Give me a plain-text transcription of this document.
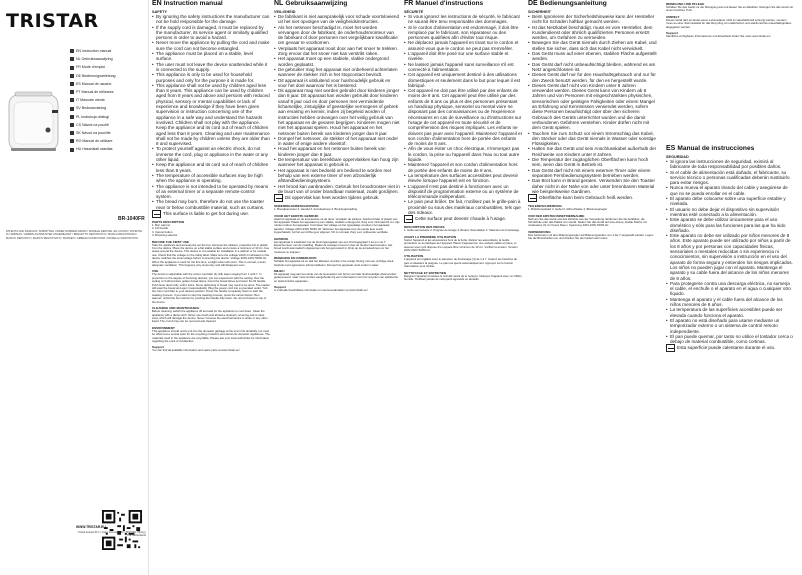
TRISTAR
EN Instruction manual
NL Gebruiksaanwijzing
FR Mode d'emploi
DE Bedienungsanleitung
ES Manual de usuario
PT Manual de utilizador
IT Manuale utente
SV Bruksanvisning
PL Instrukcja obsługi
CS Návod na použití
SK Návod na použitie
RO Manual de utilizare
HU Használati utasítás
BR-1040FR
PATENTS AND DESIGNS: SUBMITTED UNDER NUMBER 000000 / MODELE DEPOSE: EN COURS / PATENTE ZU SEBAMO / GEBRAUCHSMUSTER ANGEMELDET / BREVETTO DEPOSITATO / MARCA REGISTRADA / MARCO DEPOSITO / MARCO REGISTRATO / MARKEN / GEBRAUCHSMUSTER / MODELLO DEPOSITATO
WWW.TRISTAR.EU
Tristar Europe B.V. | Jules Verneweg 87 | 5015 BH Tilburg | The Netherlands
EN Instruction manual
SAFETY
• By ignoring the safety instructions the manufacturer can not be hold responsible for the damage.
• If the supply cord is damaged, it must be replaced by the manufacturer, its service agent or similarly qualified persons in order to avoid a hazard.
• Never move the appliance by pulling the cord and make sure the cord can not become entangled.
• The appliance must be placed on a stable, level surface.
• The user must not leave the device unattended while it is connected to the supply.
• This appliance is only to be used for household purposes and only for the purpose it is made for.
• This appliance shall not be used by children aged less than 8 years. This appliance can be used by children aged from 8 years and above and persons with reduced physical, sensory or mental capabilities or lack of experience and knowledge if they have been given supervision or instruction concerning use of the appliance in a safe way and understand the hazards involved. Children shall not play with the appliance. Keep the appliance and its cord out of reach of children aged less than 8 years. Cleaning and user maintenance shall not be made by children unless they are older than 8 and supervised.
• To protect yourself against an electric shock, do not immerse the cord, plug or appliance in the water or any other liquid.
• Keep the appliance and its cord out of reach of children less than 8 years.
• The temperature of accessible surfaces may be high when the appliance is operating.
• The appliance is not intended to be operated by means of an external timer or a separate remote-control system.
• The bread may burn, therefore do not use the toaster near or below combustible material, such as curtains.

This surface is liable to get hot during use.

PARTS DESCRIPTION

1. Bun warmer

2. Lift handle

3. Cancel button

4. Browning selector

BEFORE THE FIRST USE

Take the appliance and accessories out the box. Remove the stickers, protective foil or plastic from the device. Place the device on a flat stable surface and ensure a minimum of 10 cm. free space around the device. This device is not suitable for installation in a cabinet or for outside use. Check that the voltage on the rating label. Make sure the voltage which is indicated on the device matches the local voltage before connecting the device. Voltage 220V-240V 50/60 Hz. When the appliance is used for the first time, a slight odour will occur. This is normal, ensure adequate ventilation. This happens only temporary and will disappear soon.

USE

The device is adjustable with the colour controller (4) with steps ranging from 1 until 7. In proportion to the degree of browning desired, you can experiment with the setting: thus the setting of 4 will produce golden bread slices. Insert the bread slices and lower the lift handle. Push lever down fully, until it locks. Some defrosting of bread may need to be done. The toaster will toast the bread and eject it automatically. Plug the power cord into a grounded outlet. Turn the color controller to your desired position. Press the handle completely down to start the toasting process. If you want to stop the toasting process, press the cancel button. Bun warmer: unfold the bun warmer by pushing the handle fully down. Do not put bread on top of the device.

CLEANING AND MAINTENANCE

Before cleaning, switch the appliance off and wait for the appliance to cool down. Clean the appliance with a damp cloth. Never use harsh and abrasive cleaners, scouring pad or steel wool, which will damage the device. Never immerse the electrical device in water or any other liquid. The crumb tray can be removed and cleaned.

ENVIRONMENT

This appliance should not be put into the domestic garbage at the end of its durability, but must be offered at a central point for the recycling of electric and electronic domestic appliances. The materials used in the appliance are recyclable. Please ask your local authorities for information regarding the point of recollection.

Support

You can find all available information and spare parts at www.tristar.eu!

NL Gebruiksaanwijzing
VEILIGHEID
• De fabrikant is niet aansprakelijk voor schade voortvloeiend uit het niet opvolgen van de veiligheidsinstructies.
• Als het netsnoer beschadigd is, moet het worden vervangen door de fabrikant, de onderhoudsmonteur van de fabrikant of door personen met vergelijkbare kwalificatie om gevaar te voorkomen.
• Verplaats het apparaat nooit door aan het snoer te trekken. Zorg ervoor dat het snoer niet kan verstrikt raken.
• Het apparaat moet op een stabiele, vlakke ondergrond worden geplaatst.
• De gebruiker mag het apparaat niet onbeheerd achterlaten wanneer de stekker zich in het stopcontact bevindt.
• Dit apparaat is uitsluitend voor huishoudelijk gebruik en voor het doel waarvoor het is bestemd.
• Dit apparaat mag niet worden gebruikt door kinderen jonger dan 8 jaar. Dit apparaat kan worden gebruikt door kinderen vanaf 8 jaar oud en door personen met verminderde lichamelijke, zintuiglijke of geestelijke vermogens of gebrek aan ervaring en kennis, indien zij begeleid worden of instructies hebben ontvangen over het veilig gebruik van het apparaat en de gevaren begrijpen. Kinderen mogen niet met het apparaat spelen. Houd het apparaat en het netsnoer buiten bereik van kinderen jonger dan 8 jaar.
• Dompel het netsnoer, de stekker of het apparaat niet onder in water of enige andere vloeistof.
• Houd het apparaat en het netsnoer buiten bereik van kinderen jonger dan 8 jaar.
• De temperatuur van bereikbare oppervlakken kan hoog zijn wanneer het apparaat in gebruik is.
• Het apparaat is niet bedoeld om bediend te worden met behulp van een externe timer of een afzonderlijk afstandbedieningsysteem.
• Het brood kan aanbranden. Gebruik het broodrooster niet in de buurt van of onder brandbaar materiaal, zoals gordijnen.

Dit oppervlak kan heet worden tijdens gebruik.

ONDERDELENBESCHRIJVING

1. Broodjesrooster 2. Hendel 3. Annuleerknop 4. Bruiningsinstelling

VOOR HET EERSTE GEBRUIK

Haal het apparaat en de accessoires uit de doos. Verwijder de stickers, beschermfolie of plastic van het apparaat. Plaats het apparaat op een vlakke, stabiele ondergrond. Zorg voor minimaal 10 cm vrije ruimte rondom het apparaat. Controleer het voltage op het typeplaatje voordat u het apparaat aansluit. Voltage 220V-240V 50/60 Hz. Wanneer het apparaat voor de eerste keer wordt ingeschakeld, zal het een lichte geur afgeven. Dit is normaal. Zorg voor voldoende ventilatie.

GEBRUIK

Het apparaat is instelbaar met de bruiningsregelaar van een bruiningsgraad 1 tot en met 7. Experimenteer met de instelling. Plaats de sneetjes brood en duw de hendel naar beneden. Het brood wordt automatisch uitgeworpen als het geroosterd is. Druk op de annuleerknop om het roosteren te stoppen.

REINIGING EN ONDERHOUD

Schakel het apparaat uit en laat het afkoelen voordat u het reinigt. Reinig met een vochtige doek. Gebruik nooit agressieve schuurmiddelen. Dompel het apparaat nooit onder in water.

MILIEU

Dit apparaat mag aan het einde van de levensduur niet bij het normale huishoudelijke afval worden gedeponeerd, maar moet worden aangeboden bij een inzamelpunt voor het recyclen van elektrische en elektronische apparaten.

Support

U vindt alle beschikbare informatie en reserveonderdelen op www.tristar.eu!

FR Manuel d'instructions
SÉCURITÉ
• Si vous ignorez les instructions de sécurité, le fabricant ne saurait être tenu responsable des dommages.
• Si le cordon d'alimentation est endommagé, il doit être remplacé par le fabricant, son réparateur ou des personnes qualifiées afin d'éviter tout risque.
• Ne déplacez jamais l'appareil en tirant sur le cordon et assurez-vous que le cordon ne peut pas s'emmêler.
• L'appareil doit être posé sur une surface stable et nivelée.
• Ne laissez jamais l'appareil sans surveillance s'il est connecté à l'alimentation.
• Cet appareil est uniquement destiné à des utilisations domestiques et seulement dans le but pour lequel il est fabriqué.
• Cet appareil ne doit pas être utilisé par des enfants de moins de 8 ans. Cet appareil peut être utilisé par des enfants de 8 ans ou plus et des personnes présentant un handicap physique, sensoriel ou mental voire ne disposant pas des connaissances ou de l'expérience nécessaires en cas de surveillance ou d'instructions sur l'usage de cet appareil en toute sécurité et de compréhension des risques impliqués. Les enfants ne doivent pas jouer avec l'appareil. Maintenez l'appareil et son cordon d'alimentation hors de portée des enfants de moins de 8 ans.
• Afin de vous éviter un choc électrique, n'immergez pas le cordon, la prise ou l'appareil dans l'eau ou tout autre liquide.
• Maintenez l'appareil et son cordon d'alimentation hors de portée des enfants de moins de 8 ans.
• La température des surfaces accessibles peut devenir élevée lorsque l'appareil est en fonction.
• L'appareil n'est pas destiné à fonctionner avec un dispositif de programmation externe ou un système de télécommande indépendant.
• Le pain peut brûler. De fait, n'utilisez pas le grille-pain à proximité ou sous des matériaux combustibles, tels que des rideaux.

Cette surface peut devenir chaude à l'usage.

DESCRIPTION DES PIÈCES

1. Grille-viennoiserie 2. Poignée de levage 3. Bouton d'annulation 4. Sélecteur de brunissage

AVANT LA PREMIÈRE UTILISATION

Sortez l'appareil et les accessoires hors de la boîte. Retirez les autocollants, la feuille protectrice ou le plastique de l'appareil. Placez l'appareil sur une surface stable et plane, et assurez-vous qu'il dispose d'un espace libre minimum de 10 cm. Vérifiez la tension. Tension 220V-240V 50/60 Hz.

UTILISATION

L'appareil est réglable avec le sélecteur de brunissage (4) de 1 à 7. Insérez les tranches de pain et abaissez la poignée. Le pain est éjecté automatiquement. Appuyez sur le bouton d'annulation pour arrêter.

NETTOYAGE ET ENTRETIEN

Éteignez l'appareil et laissez-le refroidir avant de le nettoyer. Nettoyez l'appareil avec un chiffon humide. N'utilisez jamais de nettoyants agressifs ou abrasifs.

DE Bedienungsanleitung
SICHERHEIT
• Beim Ignorieren der Sicherheitshinweise kann der Hersteller nicht für Schäden haftbar gemacht werden.
• Ist das Netzkabel beschädigt, muss es vom Hersteller, dem Kundendienst oder ähnlich qualifizierten Personen ersetzt werden, um Gefahren zu vermeiden.
• Bewegen Sie das Gerät niemals durch Ziehen am Kabel, und stellen Sie sicher, dass sich das Kabel nicht verwickelt.
• Das Gerät muss auf einer ebenen, stabilen Fläche aufgestellt werden.
• Das Gerät darf nicht unbeaufsichtigt bleiben, während es am Netz angeschlossen ist.
• Dieses Gerät darf nur für den Haushaltsgebrauch und nur für den Zweck benutzt werden, für den es hergestellt wurde.
• Dieses Gerät darf nicht von Kindern unter 8 Jahren verwendet werden. Dieses Gerät kann von Kindern ab 8 Jahren und von Personen mit eingeschränkten physischen, sensorischen oder geistigen Fähigkeiten oder einem Mangel an Erfahrung und Kenntnissen verwendet werden, sofern diese Personen beaufsichtigt oder über den sicheren Gebrauch des Geräts unterrichtet wurden und die damit verbundenen Gefahren verstehen. Kinder dürfen nicht mit dem Gerät spielen.
• Tauchen Sie zum Schutz vor einem Stromschlag das Kabel, den Stecker oder das Gerät niemals in Wasser oder sonstige Flüssigkeiten.
• Halten Sie das Gerät und sein Anschlusskabel außerhalb der Reichweite von Kindern unter 8 Jahren.
• Die Temperatur der zugänglichen Oberflächen kann hoch sein, wenn das Gerät in Betrieb ist.
• Das Gerät darf nicht mit einem externen Timer oder einem separaten Fernbedienungssystem betrieben werden.
• Das Brot kann in Brand geraten. Verwenden Sie den Toaster daher nicht in der Nähe von oder unter brennbarem Material wie beispielsweise Gardinen.

Oberfläche kann beim Gebrauch heiß werden.

TEILEBESCHREIBUNG

1. Brötchenaufsatz 2. Hebel 3. Abbruchtaste 4. Bräunungsregler

VOR DER ERSTEN INBETRIEBNAHME

Nehmen Sie das Gerät und das Zubehör aus der Verpackung. Entfernen Sie die Aufkleber, die Schutzfolie oder das Plastik vom Gerät. Stellen Sie das Gerät auf eine ebene, stabile Fläche mit mindestens 10 cm freiem Raum. Spannung 220V-240V 50/60 Hz.

VERWENDUNG

Das Gerät kann mit dem Bräunungsregler auf Bräunungsstufen von 1 bis 7 eingestellt werden. Legen Sie die Brotscheiben ein und drücken Sie den Hebel nach unten.

REINIGUNG UND PFLEGE

Schalten Sie das Gerät vor der Reinigung aus und lassen Sie es abkühlen. Reinigen Sie das Gerät mit einem feuchten Tuch.

UMWELT

Dieses Gerät darf am Ende seiner Lebensdauer nicht im Haushaltsmüll entsorgt werden, sondern muss an einer Sammelstelle für das Recycling von elektrischen und elektronischen Haushaltsgeräten abgegeben werden.

Support

Sämtliche verfügbaren Informationen und Ersatzteile finden Sie unter www.tristar.eu!

ES Manual de instrucciones
SEGURIDAD
• Si ignora las instrucciones de seguridad, eximirá al fabricante de toda responsabilidad por posibles daños.
• Si el cable de alimentación está dañado, el fabricante, su servicio técnico o personas cualificadas deberán sustituirlo para evitar riesgos.
• Nunca mueva el aparato tirando del cable y asegúrese de que no se pueda enrollar en el cable.
• El aparato debe colocarse sobre una superficie estable y nivelada.
• El usuario no debe dejar el dispositivo sin supervisión mientras esté conectado a la alimentación.
• Este aparato se debe utilizar únicamente para el uso doméstico y sólo para las funciones para las que ha sido diseñado.
• Este aparato no debe ser utilizado por niños menores de 8 años. Este aparato puede ser utilizado por niños a partir de los 8 años y por personas con capacidades físicas, sensoriales o mentales reducidas o sin experiencia ni conocimientos, sin supervisión o instrucción en el uso del aparato de forma segura y entienden los riesgos implicados. Los niños no pueden jugar con el aparato. Mantenga el aparato y su cable fuera del alcance de los niños menores de 8 años.
• Para protegerse contra una descarga eléctrica, no sumerja el cable, el enchufe o el aparato en el agua o cualquier otro líquido.
• Mantenga el aparato y el cable fuera del alcance de los niños menores de 8 años.
• La temperatura de las superficies accesibles puede ser elevada cuando funciona el aparato.
• El aparato no está diseñado para usarse mediante un temporizador externo o un sistema de control remoto independiente.
• El pan puede quemar, por tanto no utilice el tostador cerca o debajo de material combustible, como cortinas.

Esta superficie puede calentarse durante el uso.
